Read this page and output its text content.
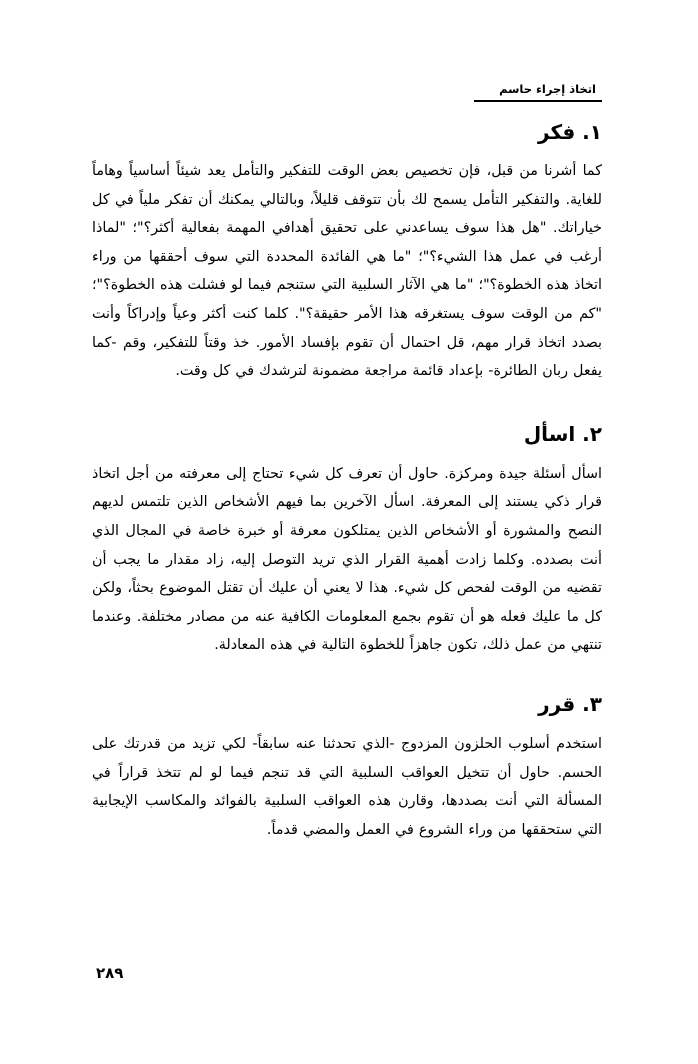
اتخاذ إجراء حاسم
١. فكر

كما أشرنا من قبل، فإن تخصيص بعض الوقت للتفكير والتأمل يعد شيئاً أساسياً وهاماً للغاية. والتفكير التأمل يسمح لك بأن تتوقف قليلاً، وبالتالي يمكنك أن تفكر ملياً في كل خياراتك. "هل هذا سوف يساعدني على تحقيق أهدافي المهمة بفعالية أكثر؟"؛ "لماذا أرغب في عمل هذا الشيء؟"؛ "ما هي الفائدة المحددة التي سوف أحققها من وراء اتخاذ هذه الخطوة؟"؛ "ما هي الآثار السلبية التي ستنجم فيما لو فشلت هذه الخطوة؟"؛ "كم من الوقت سوف يستغرقه هذا الأمر حقيقة؟". كلما كنت أكثر وعياً وإدراكاً وأنت بصدد اتخاذ قرار مهم، قل احتمال أن تقوم بإفساد الأمور. خذ وقتاً للتفكير، وقم -كما يفعل ربان الطائرة- بإعداد قائمة مراجعة مضمونة لترشدك في كل وقت.

٢. اسأل

اسأل أسئلة جيدة ومركزة. حاول أن تعرف كل شيء تحتاج إلى معرفته من أجل اتخاذ قرار ذكي يستند إلى المعرفة. اسأل الآخرين بما فيهم الأشخاص الذين تلتمس لديهم النصح والمشورة أو الأشخاص الذين يمتلكون معرفة أو خبرة خاصة في المجال الذي أنت بصدده. وكلما زادت أهمية القرار الذي تريد التوصل إليه، زاد مقدار ما يجب أن تقضيه من الوقت لفحص كل شيء. هذا لا يعني أن عليك أن تقتل الموضوع بحثاً، ولكن كل ما عليك فعله هو أن تقوم بجمع المعلومات الكافية عنه من مصادر مختلفة. وعندما تنتهي من عمل ذلك، تكون جاهزاً للخطوة التالية في هذه المعادلة.

٣. قرر

استخدم أسلوب الحلزون المزدوج -الذي تحدثنا عنه سابقاً- لكي تزيد من قدرتك على الحسم. حاول أن تتخيل العواقب السلبية التي قد تنجم فيما لو لم تتخذ قراراً في المسألة التي أنت بصددها، وقارن هذه العواقب السلبية بالفوائد والمكاسب الإيجابية التي ستحققها من وراء الشروع في العمل والمضي قدماً.

٢٨٩
